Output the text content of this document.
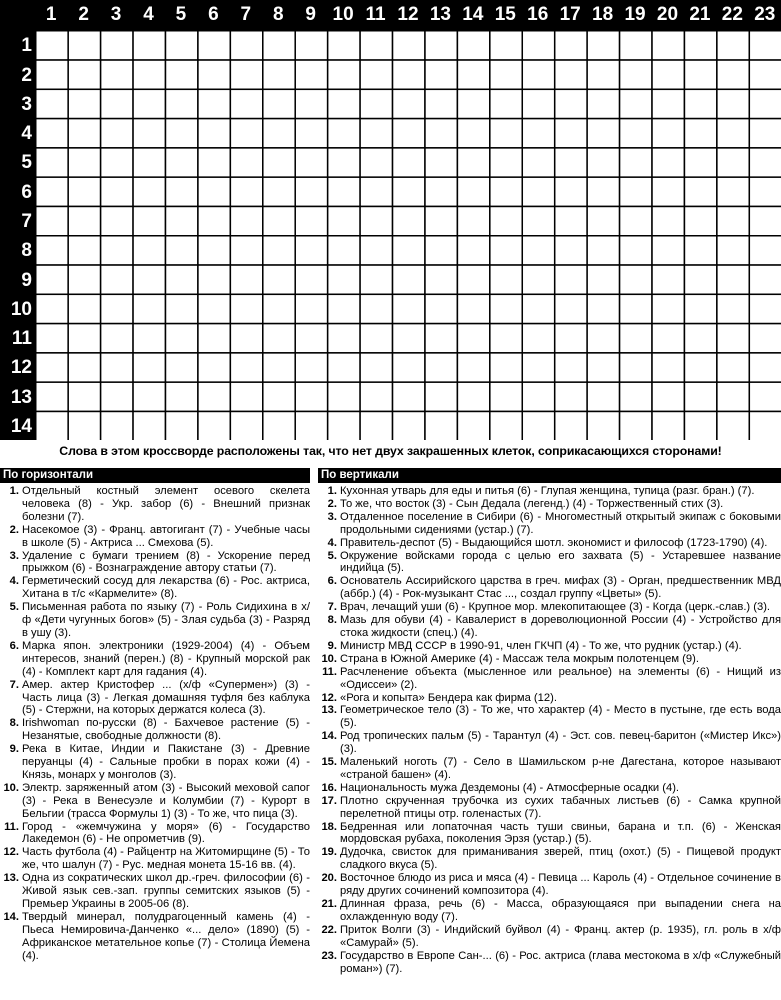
1	2	3	4	5	6	7	8	9 10 11 12 13 14 15 16 17 18 19 20 21 22 23
1
2
3
4
5
6
7
8
9
10
11
12
13
14
Слова в этом кроссворде расположены так, что нет двух закрашенных клеток, соприкасающихся сторонами!
По горизонтали
1. Отдельный костный элемент осевого скелета человека (8) - Укр. забор (6) - Внешний признак болезни (7).
2. Насекомое (3) - Франц. автогигант (7) - Учебные часы в школе (5) - Актриса ... Смехова (5).
3. Удаление с бумаги трением (8) - Ускорение перед прыжком (6) - Вознаграждение автору статьи (7).
4. Герметический сосуд для лекарства (6) - Рос. актриса, Хитана в т/с «Кармелите» (8).
5. Письменная работа по языку (7) - Роль Сидихина в х/ф «Дети чугунных богов» (5) - Злая судьба (3) - Разряд в ушу (3).
6. Марка япон. электроники (1929-2004) (4) - Объем интересов, знаний (перен.) (8) - Крупный морской рак (4) - Комплект карт для гадания (4).
7. Амер. актер Кристофер ... (х/ф «Супермен») (3) - Часть лица (3) - Легкая домашняя туфля без каблука (5) - Стержни, на которых держатся колеса (3).
8. Irishwoman по-русски (8) - Бахчевое растение (5) - Незанятые, свободные должности (8).
9. Река в Китае, Индии и Пакистане (3) - Древние перуанцы (4) - Сальные пробки в порах кожи (4) - Князь, монарх у монголов (3).
10. Электр. заряженный атом (3) - Высокий меховой сапог (3) - Река в Венесуэле и Колумбии (7) - Курорт в Бельгии (трасса Формулы 1) (3) - То же, что пица (3).
11. Город - «жемчужина у моря» (6) - Государство Лакедемон (6) - Не опрометчив (9).
12. Часть футбола (4) - Райцентр на Житомирщине (5) - То же, что шалун (7) - Рус. медная монета 15-16 вв. (4).
13. Одна из сократических школ др.-греч. философии (6) - Живой язык сев.-зап. группы семитских языков (5) - Премьер Украины в 2005-06 (8).
14. Твердый минерал, полудрагоценный камень (4) - Пьеса Немировича-Данченко «... дело» (1890) (5) - Африканское метательное копье (7) - Столица Йемена (4).
По вертикали
1. Кухонная утварь для еды и питья (6) - Глупая женщина, тупица (разг. бран.) (7).
2. То же, что восток (3) - Сын Дедала (легенд.) (4) - Торжественный стих (3).
3. Отдаленное поселение в Сибири (6) - Многоместный открытый экипаж с боковыми продольными сидениями (устар.) (7).
4. Правитель-деспот (5) - Выдающийся шотл. экономист и философ (1723-1790) (4).
5. Окружение войсками города с целью его захвата (5) - Устаревшее название индийца (5).
6. Основатель Ассирийского царства в греч. мифах (3) - Орган, предшественник МВД (аббр.) (4) - Рок-музыкант Стас ..., создал группу «Цветы» (5).
7. Врач, лечащий уши (6) - Крупное мор. млекопитающее (3) - Когда (церк.-слав.) (3).
8. Мазь для обуви (4) - Кавалерист в дореволюционной России (4) - Устройство для стока жидкости (спец.) (4).
9. Министр МВД СССР в 1990-91, член ГКЧП (4) - То же, что рудник (устар.) (4).
10. Страна в Южной Америке (4) - Массаж тела мокрым полотенцем (9).
11. Расчленение объекта (мысленное или реальное) на элементы (6) - Нищий из «Одиссеи» (2).
12. «Рога и копыта» Бендера как фирма (12).
13. Геометрическое тело (3) - То же, что характер (4) - Место в пустыне, где есть вода (5).
14. Род тропических пальм (5) - Тарантул (4) - Эст. сов. певец-баритон («Мистер Икс») (3).
15. Маленький ноготь (7) - Село в Шамильском р-не Дагестана, которое называют «страной башен» (4).
16. Национальность мужа Дездемоны (4) - Атмосферные осадки (4).
17. Плотно скрученная трубочка из сухих табачных листьев (6) - Самка крупной перелетной птицы отр. голенастых (7).
18. Бедренная или лопаточная часть туши свиньи, барана и т.п. (6) - Женская мордовская рубаха, поколения Эрзя (устар.) (5).
19. Дудочка, свисток для приманивания зверей, птиц (охот.) (5) - Пищевой продукт сладкого вкуса (5).
20. Восточное блюдо из риса и мяса (4) - Певица ... Кароль (4) - Отдельное сочинение в ряду других сочинений композитора (4).
21. Длинная фраза, речь (6) - Масса, образующаяся при выпадении снега на охлажденную воду (7).
22. Приток Волги (3) - Индийский буйвол (4) - Франц. актер (р. 1935), гл. роль в х/ф «Самурай» (5).
23. Государство в Европе Сан-... (6) - Рос. актриса (глава местокома в х/ф «Служебный роман») (7).
